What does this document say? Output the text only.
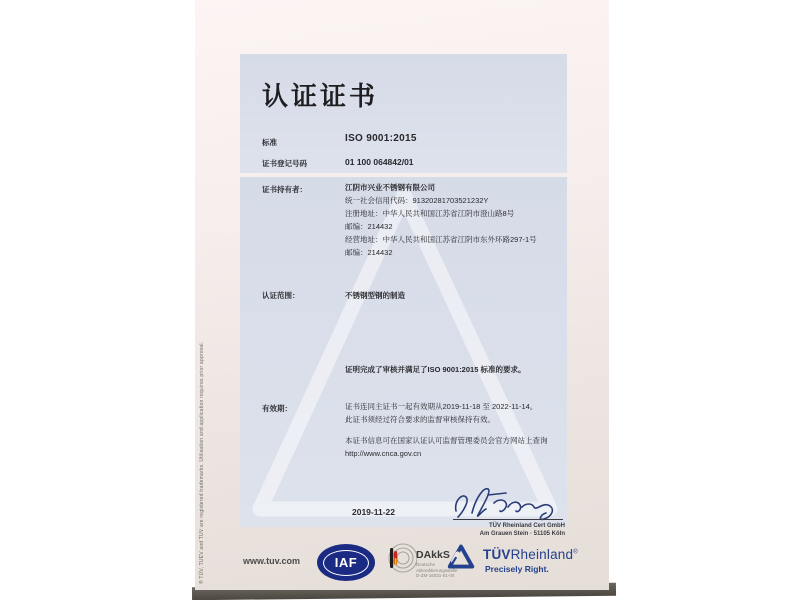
® TÜV, TUEV and TUV are registered trademarks. Utilisation and application requires prior approval.
认证证书
标准	ISO 9001:2015
证书登记号码	01 100 064842/01
证书持有者：	江阴市兴业不锈钢有限公司
统一社会信用代码：91320281703521232Y
注册地址：中华人民共和国江苏省江阴市澄山路8号
邮编：214432
经营地址：中华人民共和国江苏省江阴市东外环路297-1号
邮编：214432
认证范围：	不锈钢型钢的制造
证明完成了审核并满足了ISO 9001:2015 标准的要求。
有效期：	证书连同主证书一起有效期从2019-11-18 至 2022-11-14。
此证书须经过符合要求的监督审核保持有效。
本证书信息可在国家认证认可监督管理委员会官方网站上查询
http://www.cnca.gov.cn
2019-11-22
TÜV Rheinland Cert GmbH
Am Grauen Stein · 51105 Köln
www.tuv.com	IAF	DAkkS
Deutsche
Akkreditierungsstelle
D-ZM-16031-01-00
TÜVRheinland®
Precisely Right.
